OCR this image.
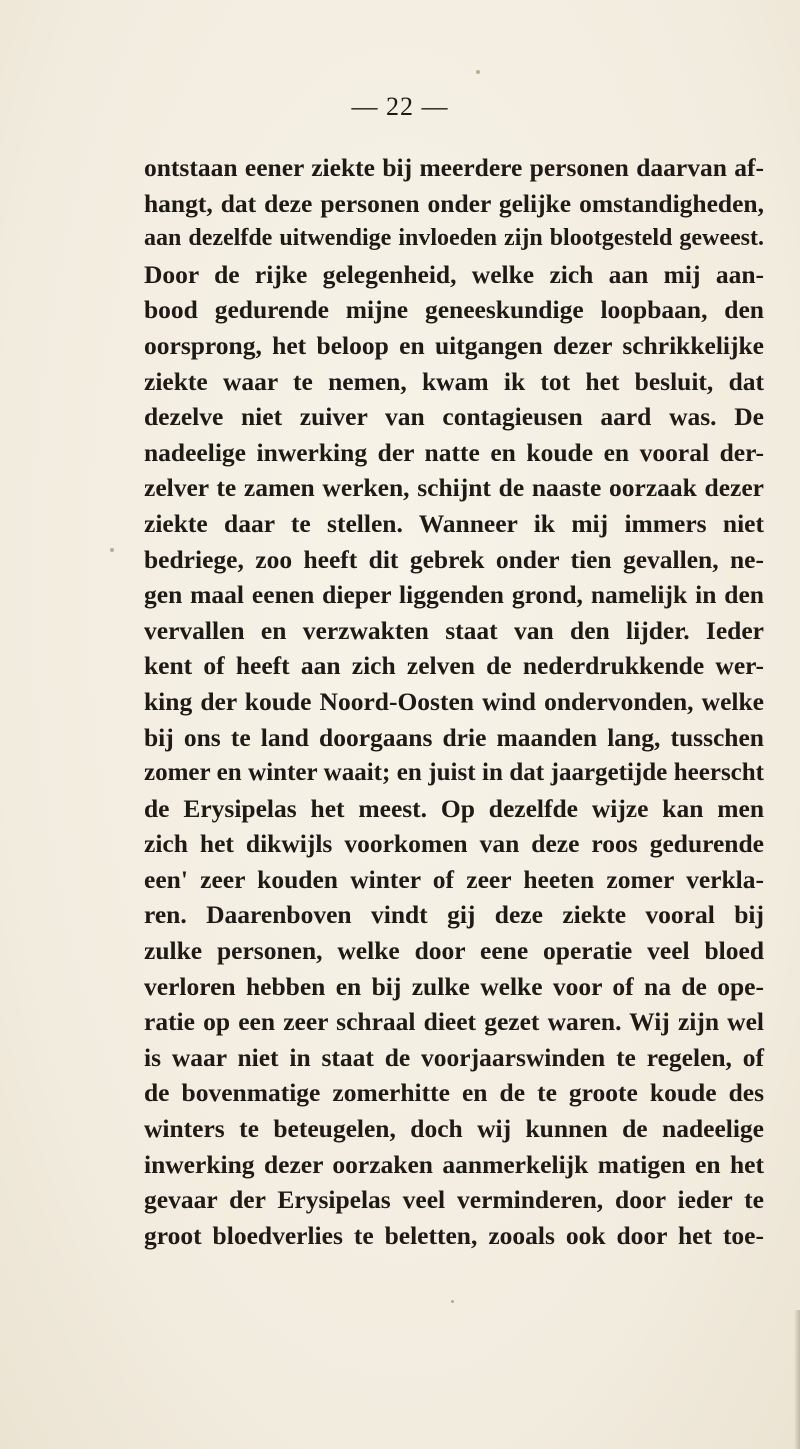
— 22 —
ontstaan eener ziekte bij meerdere personen daarvan af-
hangt, dat deze personen onder gelijke omstandigheden,
aan dezelfde uitwendige invloeden zijn blootgesteld geweest.
Door de rijke gelegenheid, welke zich aan mij aan-
bood gedurende mijne geneeskundige loopbaan, den
oorsprong, het beloop en uitgangen dezer schrikkelijke
ziekte waar te nemen, kwam ik tot het besluit, dat
dezelve niet zuiver van contagieusen aard was. De
nadeelige inwerking der natte en koude en vooral der-
zelver te zamen werken, schijnt de naaste oorzaak dezer
ziekte daar te stellen. Wanneer ik mij immers niet
bedriege, zoo heeft dit gebrek onder tien gevallen, ne-
gen maal eenen dieper liggenden grond, namelijk in den
vervallen en verzwakten staat van den lijder. Ieder
kent of heeft aan zich zelven de nederdrukkende wer-
king der koude Noord-Oosten wind ondervonden, welke
bij ons te land doorgaans drie maanden lang, tusschen
zomer en winter waait; en juist in dat jaargetijde heerscht
de Erysipelas het meest. Op dezelfde wijze kan men
zich het dikwijls voorkomen van deze roos gedurende
een' zeer kouden winter of zeer heeten zomer verkla-
ren. Daarenboven vindt gij deze ziekte vooral bij
zulke personen, welke door eene operatie veel bloed
verloren hebben en bij zulke welke voor of na de ope-
ratie op een zeer schraal dieet gezet waren. Wij zijn wel
is waar niet in staat de voorjaarswinden te regelen, of
de bovenmatige zomerhitte en de te groote koude des
winters te beteugelen, doch wij kunnen de nadeelige
inwerking dezer oorzaken aanmerkelijk matigen en het
gevaar der Erysipelas veel verminderen, door ieder te
groot bloedverlies te beletten, zooals ook door het toe-
